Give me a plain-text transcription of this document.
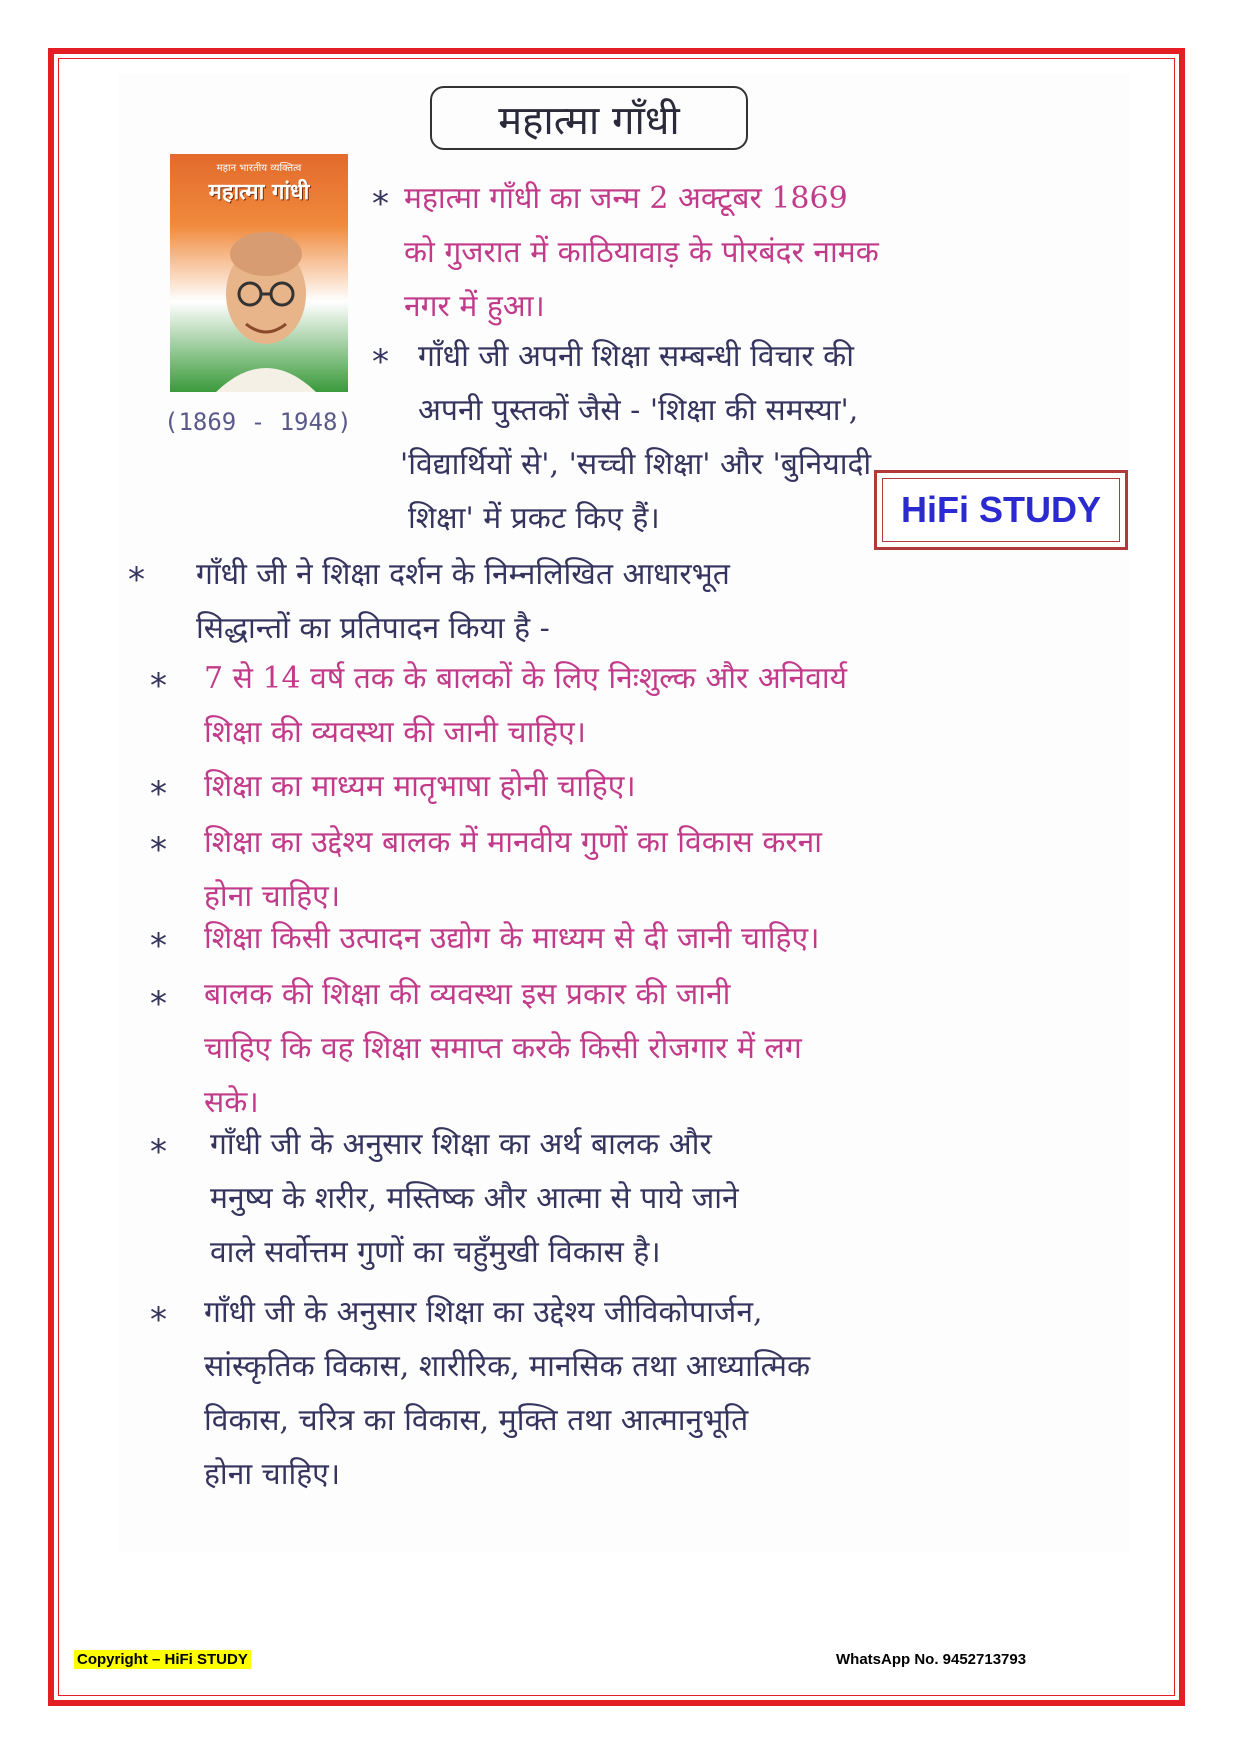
महात्मा गाँधी
महान भारतीय व्यक्तित्व
महात्मा गांधी
(1869 - 1948)
* महात्मा गाँधी का जन्म 2 अक्टूबर 1869
को गुजरात में काठियावाड़ के पोरबंदर नामक
नगर में हुआ।
* गाँधी जी अपनी शिक्षा सम्बन्धी विचार की
अपनी पुस्तकों जैसे - 'शिक्षा की समस्या',
'विद्यार्थियों से', 'सच्ची शिक्षा' और 'बुनियादी
शिक्षा' में प्रकट किए हैं।	HiFi STUDY
* गाँधी जी ने शिक्षा दर्शन के निम्नलिखित आधारभूत
सिद्धान्तों का प्रतिपादन किया है -
* 7 से 14 वर्ष तक के बालकों के लिए निःशुल्क और अनिवार्य
शिक्षा की व्यवस्था की जानी चाहिए।
* शिक्षा का माध्यम मातृभाषा होनी चाहिए।
* शिक्षा का उद्देश्य बालक में मानवीय गुणों का विकास करना
होना चाहिए।
* शिक्षा किसी उत्पादन उद्योग के माध्यम से दी जानी चाहिए।
* बालक की शिक्षा की व्यवस्था इस प्रकार की जानी
चाहिए कि वह शिक्षा समाप्त करके किसी रोजगार में लग
सके।
* गाँधी जी के अनुसार शिक्षा का अर्थ बालक और
मनुष्य के शरीर, मस्तिष्क और आत्मा से पाये जाने
वाले सर्वोत्तम गुणों का चहुँमुखी विकास है।
* गाँधी जी के अनुसार शिक्षा का उद्देश्य जीविकोपार्जन,
सांस्कृतिक विकास, शारीरिक, मानसिक तथा आध्यात्मिक
विकास, चरित्र का विकास, मुक्ति तथा आत्मानुभूति
होना चाहिए।
Copyright – HiFi STUDY	WhatsApp No. 9452713793
